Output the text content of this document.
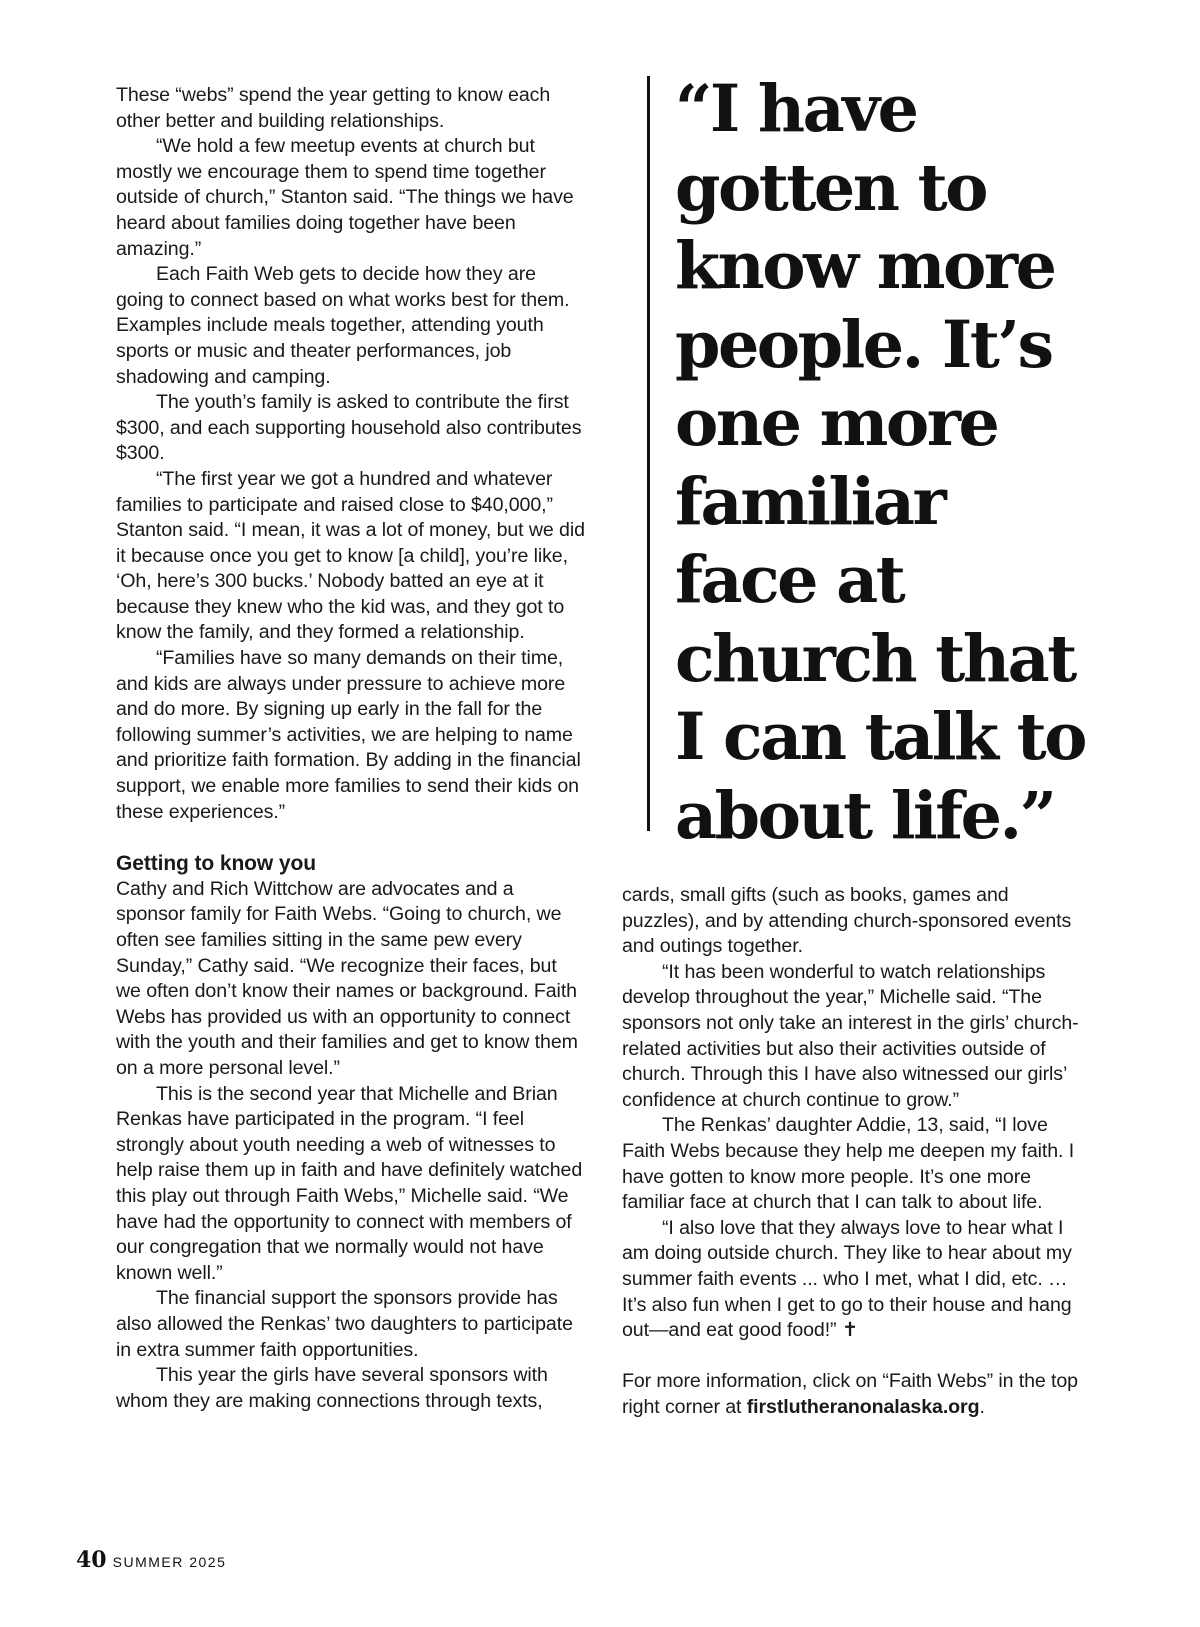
These “webs” spend the year getting to know each other better and building relationships.

“We hold a few meetup events at church but mostly we encourage them to spend time together outside of church,” Stanton said. “The things we have heard about families doing together have been amazing.”

Each Faith Web gets to decide how they are going to connect based on what works best for them. Examples include meals together, attending youth sports or music and theater performances, job shadowing and camping.

The youth’s family is asked to contribute the first $300, and each supporting household also contributes $300.

“The first year we got a hundred and whatever families to participate and raised close to $40,000,” Stanton said. “I mean, it was a lot of money, but we did it because once you get to know [a child], you’re like, ‘Oh, here’s 300 bucks.’ Nobody batted an eye at it because they knew who the kid was, and they got to know the family, and they formed a relationship.

“Families have so many demands on their time, and kids are always under pressure to achieve more and do more. By signing up early in the fall for the following summer’s activities, we are helping to name and prioritize faith formation. By adding in the financial support, we enable more families to send their kids on these experiences.”

Getting to know you

Cathy and Rich Wittchow are advocates and a sponsor family for Faith Webs. “Going to church, we often see families sitting in the same pew every Sunday,” Cathy said. “We recognize their faces, but we often don’t know their names or background. Faith Webs has provided us with an opportunity to connect with the youth and their families and get to know them on a more personal level.”

This is the second year that Michelle and Brian Renkas have participated in the program. “I feel strongly about youth needing a web of witnesses to help raise them up in faith and have definitely watched this play out through Faith Webs,” Michelle said. “We have had the opportunity to connect with members of our congregation that we normally would not have known well.”

The financial support the sponsors provide has also allowed the Renkas’ two daughters to participate in extra summer faith opportunities.

This year the girls have several sponsors with whom they are making connections through texts,

“I have
gotten to
know more
people. It’s
one more
familiar
face at
church that
I can talk to
about life.”

cards, small gifts (such as books, games and puzzles), and by attending church-sponsored events and outings together.

“It has been wonderful to watch relationships develop throughout the year,” Michelle said. “The sponsors not only take an interest in the girls’ church-related activities but also their activities outside of church. Through this I have also witnessed our girls’ confidence at church continue to grow.”

The Renkas’ daughter Addie, 13, said, “I love Faith Webs because they help me deepen my faith. I have gotten to know more people. It’s one more familiar face at church that I can talk to about life.

“I also love that they always love to hear what I am doing outside church. They like to hear about my summer faith events ... who I met, what I did, etc. … It’s also fun when I get to go to their house and hang out—and eat good food!” ✝

For more information, click on “Faith Webs” in the top right corner at firstlutheranonalaska.org.

40 SUMMER 2025
